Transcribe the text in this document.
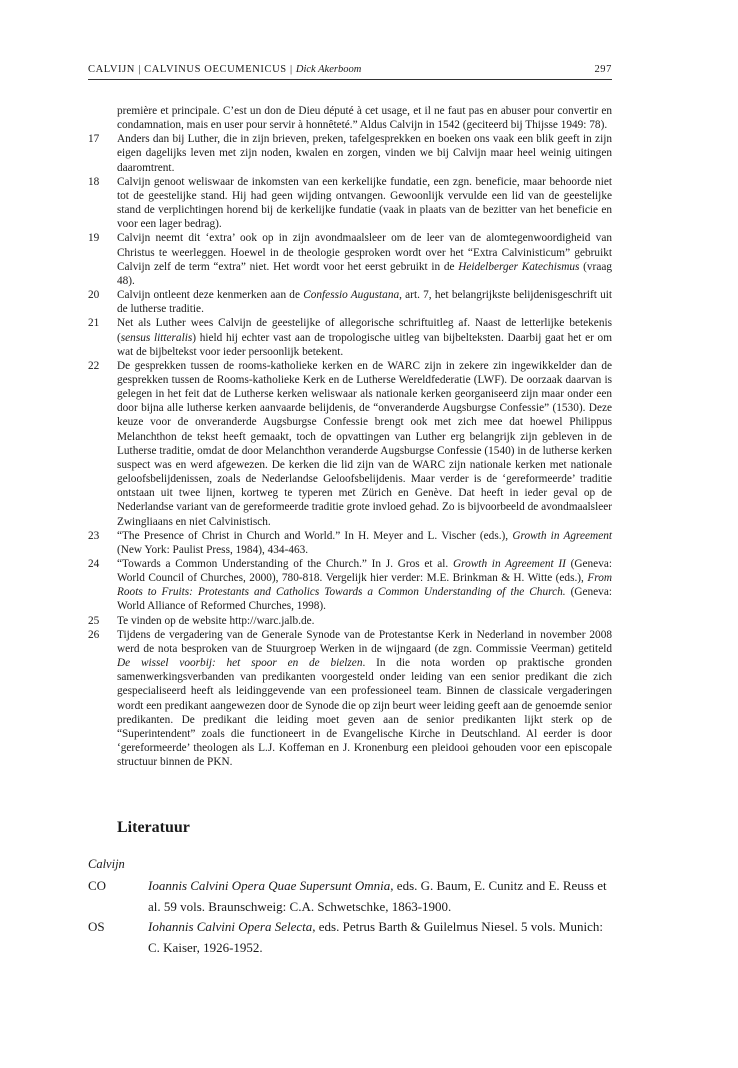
CALVIJN | CALVINUS OECUMENICUS | Dick Akerboom	297
première et principale. C’est un don de Dieu député à cet usage, et il ne faut pas en abuser pour convertir en condamnation, mais en user pour servir à honnêteté.” Aldus Calvijn in 1542 (geciteerd bij Thijsse 1949: 78).
17	Anders dan bij Luther, die in zijn brieven, preken, tafelgesprekken en boeken ons vaak een blik geeft in zijn eigen dagelijks leven met zijn noden, kwalen en zorgen, vinden we bij Calvijn maar heel weinig uitingen daaromtrent.
18	Calvijn genoot weliswaar de inkomsten van een kerkelijke fundatie, een zgn. beneficie, maar behoorde niet tot de geestelijke stand. Hij had geen wijding ontvangen. Gewoonlijk vervulde een lid van de geestelijke stand de verplichtingen horend bij de kerkelijke fundatie (vaak in plaats van de bezitter van het beneficie en voor een lager bedrag).
19	Calvijn neemt dit ‘extra’ ook op in zijn avondmaalsleer om de leer van de alomtegenwoordigheid van Christus te weerleggen. Hoewel in de theologie gesproken wordt over het “Extra Calvinisticum” gebruikt Calvijn zelf de term “extra” niet. Het wordt voor het eerst gebruikt in de Heidelberger Katechismus (vraag 48).
20	Calvijn ontleent deze kenmerken aan de Confessio Augustana, art. 7, het belangrijkste belijdenisgeschrift uit de lutherse traditie.
21	Net als Luther wees Calvijn de geestelijke of allegorische schriftuitleg af. Naast de letterlijke betekenis (sensus litteralis) hield hij echter vast aan de tropologische uitleg van bijbelteksten. Daarbij gaat het er om wat de bijbeltekst voor ieder persoonlijk betekent.
22	De gesprekken tussen de rooms-katholieke kerken en de WARC zijn in zekere zin ingewikkelder dan de gesprekken tussen de Rooms-katholieke Kerk en de Lutherse Wereldfederatie (LWF). De oorzaak daarvan is gelegen in het feit dat de Lutherse kerken weliswaar als nationale kerken georganiseerd zijn maar onder een door bijna alle lutherse kerken aanvaarde belijdenis, de “onveranderde Augsburgse Confessie” (1530). Deze keuze voor de onveranderde Augsburgse Confessie brengt ook met zich mee dat hoewel Philippus Melanchthon de tekst heeft gemaakt, toch de opvattingen van Luther erg belangrijk zijn gebleven in de Lutherse traditie, omdat de door Melanchthon veranderde Augsburgse Confessie (1540) in de lutherse kerken suspect was en werd afgewezen. De kerken die lid zijn van de WARC zijn nationale kerken met nationale geloofsbelijdenissen, zoals de Nederlandse Geloofsbelijdenis. Maar verder is de ‘gereformeerde’ traditie ontstaan uit twee lijnen, kortweg te typeren met Zürich en Genève. Dat heeft in ieder geval op de Nederlandse variant van de gereformeerde traditie grote invloed gehad. Zo is bijvoorbeeld de avondmaalsleer Zwingliaans en niet Calvinistisch.
23	“The Presence of Christ in Church and World.” In H. Meyer and L. Vischer (eds.), Growth in Agreement (New York: Paulist Press, 1984), 434-463.
24	“Towards a Common Understanding of the Church.” In J. Gros et al. Growth in Agreement II (Geneva: World Council of Churches, 2000), 780-818. Vergelijk hier verder: M.E. Brinkman & H. Witte (eds.), From Roots to Fruits: Protestants and Catholics Towards a Common Understanding of the Church. (Geneva: World Alliance of Reformed Churches, 1998).
25	Te vinden op de website http://warc.jalb.de.
26	Tijdens de vergadering van de Generale Synode van de Protestantse Kerk in Nederland in november 2008 werd de nota besproken van de Stuurgroep Werken in de wijngaard (de zgn. Commissie Veerman) getiteld De wissel voorbij: het spoor en de bielzen. In die nota worden op praktische gronden samenwerkingsverbanden van predikanten voorgesteld onder leiding van een senior predikant die zich gespecialiseerd heeft als leidinggevende van een professioneel team. Binnen de classicale vergaderingen wordt een predikant aangewezen door de Synode die op zijn beurt weer leiding geeft aan de genoemde senior predikanten. De predikant die leiding moet geven aan de senior predikanten lijkt sterk op de “Superintendent” zoals die functioneert in de Evangelische Kirche in Deutschland. Al eerder is door ‘gereformeerde’ theologen als L.J. Koffeman en J. Kronenburg een pleidooi gehouden voor een episcopale structuur binnen de PKN.
Literatuur
Calvijn
CO	Ioannis Calvini Opera Quae Supersunt Omnia, eds. G. Baum, E. Cunitz and E. Reuss et al. 59 vols. Braunschweig: C.A. Schwetschke, 1863-1900.
OS	Iohannis Calvini Opera Selecta, eds. Petrus Barth & Guilelmus Niesel. 5 vols. Munich: C. Kaiser, 1926-1952.
